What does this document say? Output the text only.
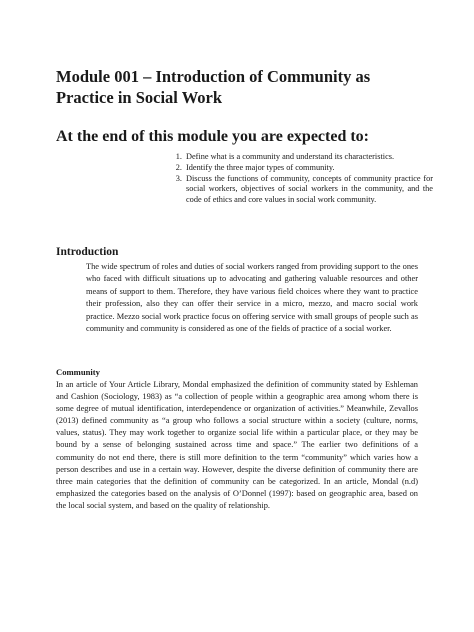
Module 001 – Introduction of Community as Practice in Social Work
At the end of this module you are expected to:
1. Define what is a community and understand its characteristics.
2. Identify the three major types of community.
3. Discuss the functions of community, concepts of community practice for social workers, objectives of social workers in the community, and the code of ethics and core values in social work community.
Introduction

The wide spectrum of roles and duties of social workers ranged from providing support to the ones who faced with difficult situations up to advocating and gathering valuable resources and other means of support to them. Therefore, they have various field choices where they want to practice their profession, also they can offer their service in a micro, mezzo, and macro social work practice. Mezzo social work practice focus on offering service with small groups of people such as community and community is considered as one of the fields of practice of a social worker.

Community

In an article of Your Article Library, Mondal emphasized the definition of community stated by Eshleman and Cashion (Sociology, 1983) as “a collection of people within a geographic area among whom there is some degree of mutual identification, interdependence or organization of activities.” Meanwhile, Zevallos (2013) defined community as “a group who follows a social structure within a society (culture, norms, values, status). They may work together to organize social life within a particular place, or they may be bound by a sense of belonging sustained across time and space.” The earlier two definitions of a community do not end there, there is still more definition to the term “community” which varies how a person describes and use in a certain way. However, despite the diverse definition of community there are three main categories that the definition of community can be categorized. In an article, Mondal (n.d) emphasized the categories based on the analysis of O’Donnel (1997): based on geographic area, based on the local social system, and based on the quality of relationship.
